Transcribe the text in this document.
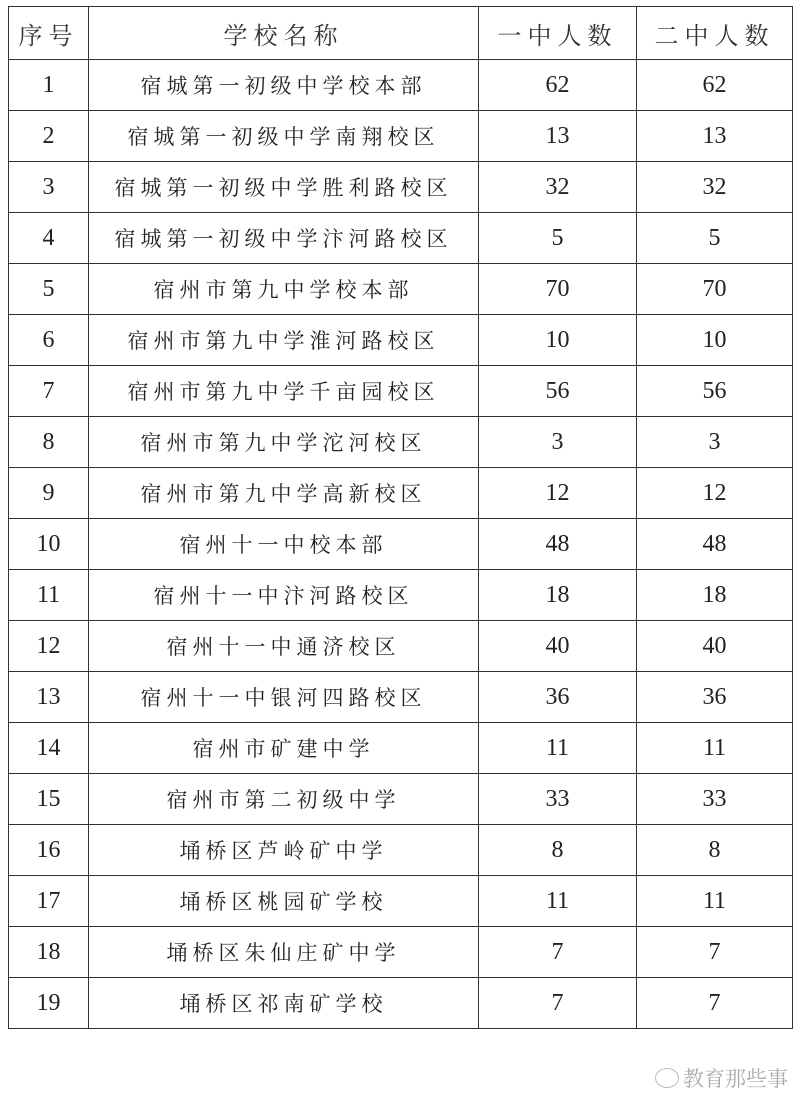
序号	学校名称	一中人数	二中人数
1	宿城第一初级中学校本部	62	62
2	宿城第一初级中学南翔校区	13	13
3	宿城第一初级中学胜利路校区	32	32
4	宿城第一初级中学汴河路校区	5	5
5	宿州市第九中学校本部	70	70
6	宿州市第九中学淮河路校区	10	10
7	宿州市第九中学千亩园校区	56	56
8	宿州市第九中学沱河校区	3	3
9	宿州市第九中学高新校区	12	12
10	宿州十一中校本部	48	48
11	宿州十一中汴河路校区	18	18
12	宿州十一中通济校区	40	40
13	宿州十一中银河四路校区	36	36
14	宿州市矿建中学	11	11
15	宿州市第二初级中学	33	33
16	埇桥区芦岭矿中学	8	8
17	埇桥区桃园矿学校	11	11
18	埇桥区朱仙庄矿中学	7	7
19	埇桥区祁南矿学校	7	7
教育那些事
